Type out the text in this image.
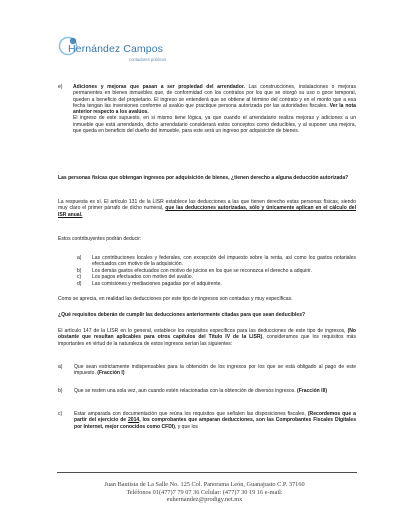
Hernández Campos
contadores públicos
e) Adiciones y mejoras que pasan a ser propiedad del arrendador. Las construcciones, instalaciones o mejoras permanentes en bienes inmuebles que, de conformidad con los contratos por los que se otorgó su uso o goce temporal, queden a beneficio del propietario. El ingreso se entenderá que se obtiene al término del contrato y en el monto que a esa fecha tengan las inversiones conforme al avalúo que practique persona autorizada por las autoridades fiscales. Ver la nota anterior respecto a los avalúos.

El ingreso de este supuesto, en si mismo tiene lógica, ya que cuando el arrendatario realiza mejoras y adiciones a un inmueble que está arrendando, dicho arrendatario considerará estos conceptos como deducibles, y al suponer una mejora, que queda en beneficio del dueño del inmueble, para este será un ingreso por adquisición de bienes.

Las personas físicas que obtengan ingresos por adquisición de bienes, ¿tienen derecho a alguna deducción autorizada?

La respuesta es sí. El artículo 131 de la LISR establece las deducciones a las que tienen derecho estas personas físicas, siendo muy claro el primer párrafo de dicho numeral, que las deducciones autorizadas, sólo y únicamente aplican en el cálculo del ISR anual.

Estos contribuyentes podrán deducir:

a) Las contribuciones locales y federales, con excepción del impuesto sobre la renta, así como los gastos notariales efectuados con motivo de la adquisición.

b) Los demás gastos efectuados con motivo de juicios en los que se reconozca el derecho a adquirir.

c) Los pagos efectuados con motivo del avalúo.

d) Las comisiones y mediaciones pagadas por el adquirente.

Como se aprecia, en realidad las deducciones por este tipo de ingresos son contadas y muy específicas.

¿Qué requisitos deberán de cumplir las deducciones anteriormente citadas para que sean deducibles?

El artículo 147 de la LISR en lo general, establece los requisitos específicos para las deducciones de este tipo de ingresos, (No obstante que resultan aplicables para otros capítulos del Título IV de la LISR), consideramos que los requisitos más importantes en virtud de la naturaleza de estos ingresos serían las siguientes:

a) Que sean estrictamente indispensables para la obtención de los ingresos por los que se está obligado al pago de este impuesto. (Fracción I)

b) Que se resten una sola vez, aun cuando estén relacionadas con la obtención de diversos ingresos. (Fracción III)

c) Estar amparada con documentación que reúna los requisitos que señalen las disposiciones fiscales, (Recordemos que a partir del ejercicio de 2014, los comprobantes que amparan deducciones, son las Comprobantes Fiscales Digitales por Internet, mejor conocidos como CFDI), y que los

Juan Bautista de La Salle No. 125 Col. Panorama León, Guanajuato C.P. 37160
Teléfonos 01(477)7 79 07 36 Celular: (477)7 30 19 16 e-mail:
euhernandez@prodigy.net.mx
